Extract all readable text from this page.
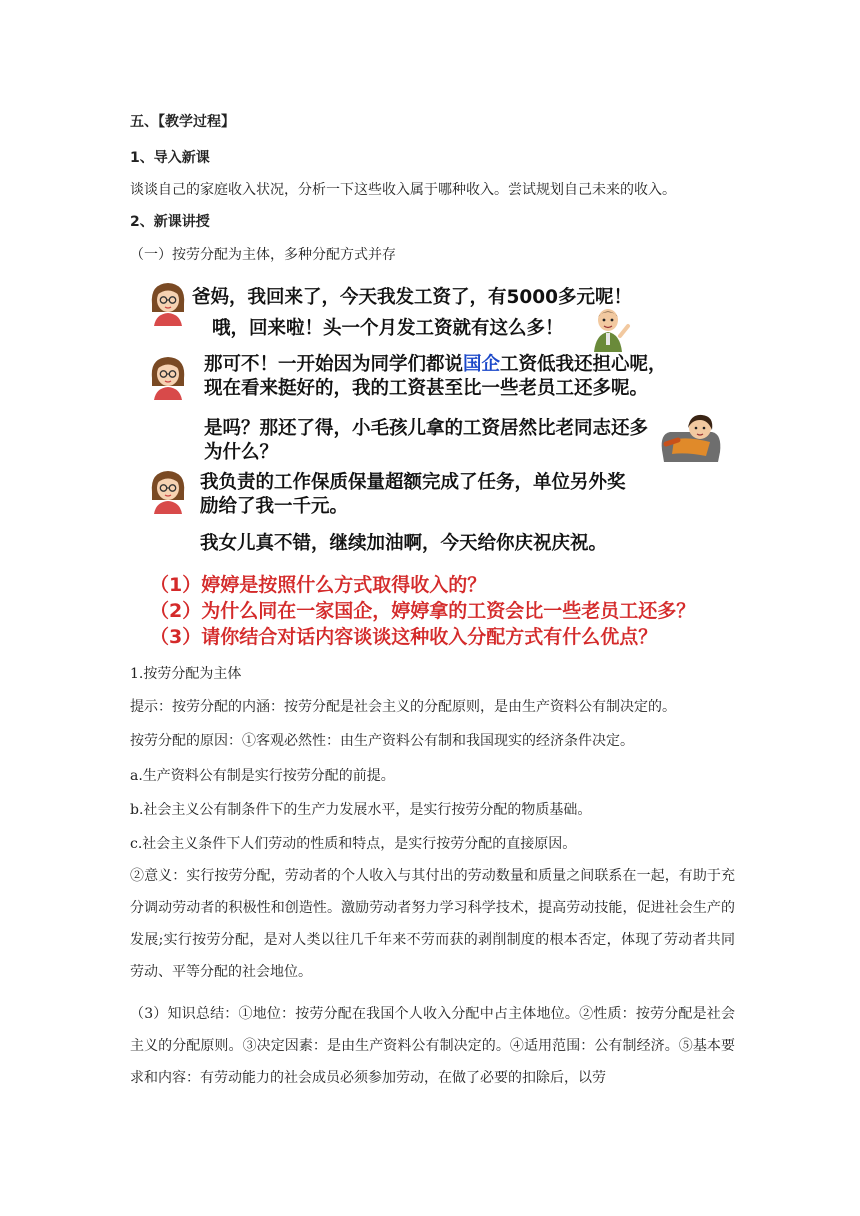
五、【教学过程】
1、导入新课
谈谈自己的家庭收入状况，分析一下这些收入属于哪种收入。尝试规划自己未来的收入。
2、新课讲授
（一）按劳分配为主体，多种分配方式并存
爸妈，我回来了，今天我发工资了，有5000多元呢！
哦，回来啦！头一个月发工资就有这么多！
那可不！一开始因为同学们都说国企工资低我还担心呢，
现在看来挺好的，我的工资甚至比一些老员工还多呢。
是吗？那还了得，小毛孩儿拿的工资居然比老同志还多
为什么？
我负责的工作保质保量超额完成了任务，单位另外奖
励给了我一千元。
我女儿真不错，继续加油啊，今天给你庆祝庆祝。
（1）婷婷是按照什么方式取得收入的？
（2）为什么同在一家国企，婷婷拿的工资会比一些老员工还多？
（3）请你结合对话内容谈谈这种收入分配方式有什么优点？
1.按劳分配为主体
提示：按劳分配的内涵：按劳分配是社会主义的分配原则，是由生产资料公有制决定的。
按劳分配的原因：①客观必然性：由生产资料公有制和我国现实的经济条件决定。
a.生产资料公有制是实行按劳分配的前提。
b.社会主义公有制条件下的生产力发展水平，是实行按劳分配的物质基础。
c.社会主义条件下人们劳动的性质和特点，是实行按劳分配的直接原因。
②意义：实行按劳分配，劳动者的个人收入与其付出的劳动数量和质量之间联系在一起，有助于充分调动劳动者的积极性和创造性。激励劳动者努力学习科学技术，提高劳动技能，促进社会生产的发展;实行按劳分配，是对人类以往几千年来不劳而获的剥削制度的根本否定，体现了劳动者共同劳动、平等分配的社会地位。
（3）知识总结：①地位：按劳分配在我国个人收入分配中占主体地位。②性质：按劳分配是社会主义的分配原则。③决定因素：是由生产资料公有制决定的。④适用范围：公有制经济。⑤基本要求和内容：有劳动能力的社会成员必须参加劳动，在做了必要的扣除后，以劳
